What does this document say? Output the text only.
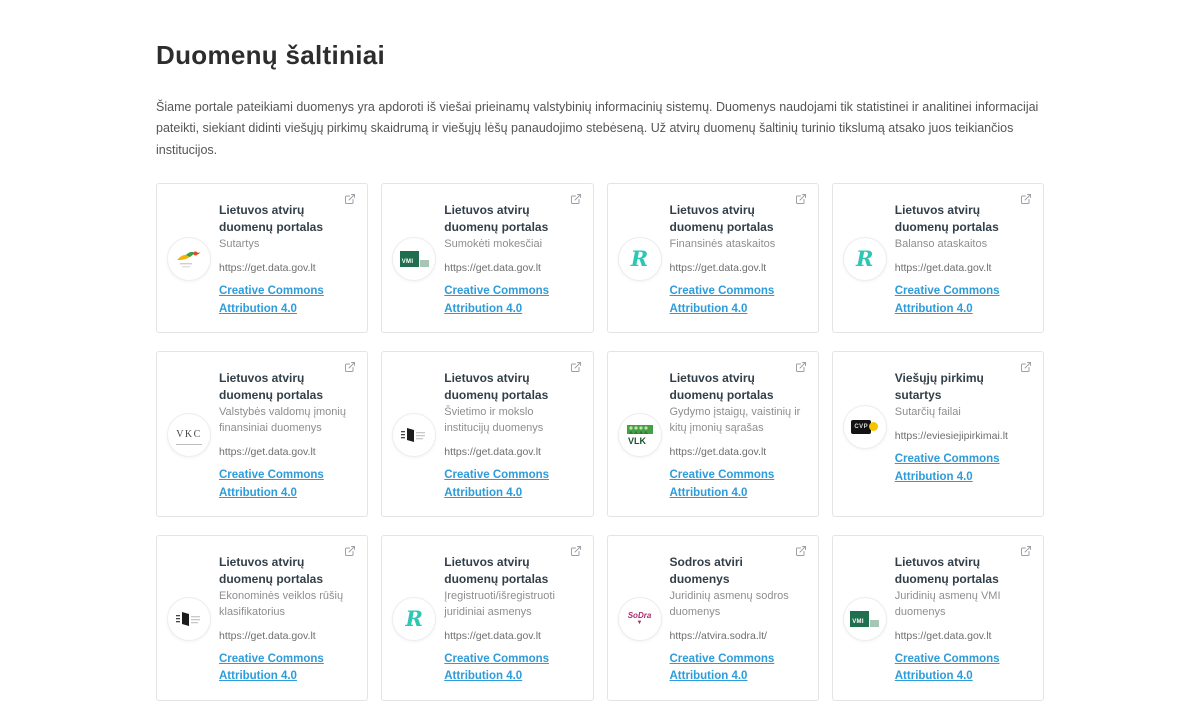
Duomenų šaltiniai

Šiame portale pateikiami duomenys yra apdoroti iš viešai prieinamų valstybinių informacinių sistemų. Duomenys naudojami tik statistinei ir analitinei informacijai pateikti, siekiant didinti viešųjų pirkimų skaidrumą ir viešųjų lėšų panaudojimo stebėseną. Už atvirų duomenų šaltinių turinio tikslumą atsako juos teikiančios institucijos.

Lietuvos atvirų duomenų portalas
Sutartys
https://get.data.gov.lt
Creative Commons Attribution 4.0
VMI
Lietuvos atvirų duomenų portalas
Sumokėti mokesčiai
https://get.data.gov.lt
Creative Commons Attribution 4.0
R
Lietuvos atvirų duomenų portalas
Finansinės ataskaitos
https://get.data.gov.lt
Creative Commons Attribution 4.0
R
Lietuvos atvirų duomenų portalas
Balanso ataskaitos
https://get.data.gov.lt
Creative Commons Attribution 4.0
VKC
Lietuvos atvirų duomenų portalas
Valstybės valdomų įmonių finansiniai duomenys
https://get.data.gov.lt
Creative Commons Attribution 4.0
Lietuvos atvirų duomenų portalas
Švietimo ir mokslo institucijų duomenys
https://get.data.gov.lt
Creative Commons Attribution 4.0
VLK
Lietuvos atvirų duomenų portalas
Gydymo įstaigų, vaistinių ir kitų įmonių sąrašas
https://get.data.gov.lt
Creative Commons Attribution 4.0
CVP
Viešųjų pirkimų sutartys
Sutarčių failai
https://eviesiejipirkimai.lt
Creative Commons Attribution 4.0
Lietuvos atvirų duomenų portalas
Ekonominės veiklos rūšių klasifikatorius
https://get.data.gov.lt
Creative Commons Attribution 4.0
R
Lietuvos atvirų duomenų portalas
Įregistruoti/išregistruoti juridiniai asmenys
https://get.data.gov.lt
Creative Commons Attribution 4.0
SoDra
▼
Sodros atviri duomenys
Juridinių asmenų sodros duomenys
https://atvira.sodra.lt/
Creative Commons Attribution 4.0
VMI
Lietuvos atvirų duomenų portalas
Juridinių asmenų VMI duomenys
https://get.data.gov.lt
Creative Commons Attribution 4.0
